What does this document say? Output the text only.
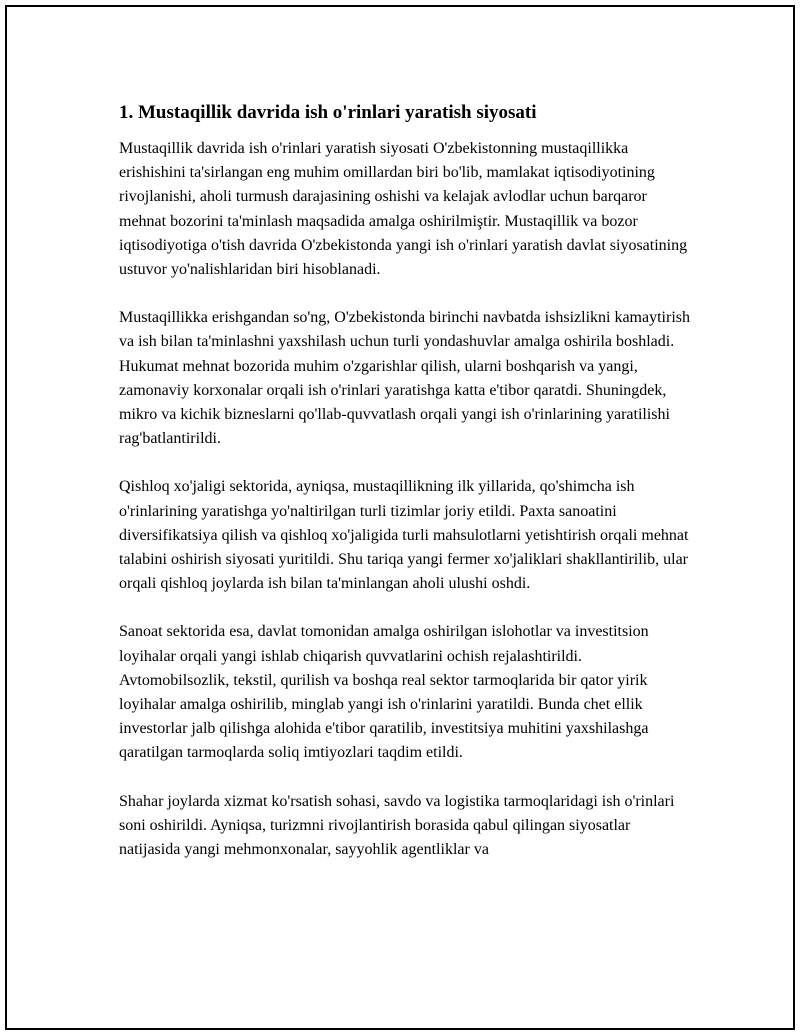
1. Mustaqillik davrida ish o'rinlari yaratish siyosati

Mustaqillik davrida ish o'rinlari yaratish siyosati O'zbekistonning mustaqillikka erishishini ta'sirlangan eng muhim omillardan biri bo'lib, mamlakat iqtisodiyotining rivojlanishi, aholi turmush darajasining oshishi va kelajak avlodlar uchun barqaror mehnat bozorini ta'minlash maqsadida amalga oshirilmiştir. Mustaqillik va bozor iqtisodiyotiga o'tish davrida O'zbekistonda yangi ish o'rinlari yaratish davlat siyosatining ustuvor yo'nalishlaridan biri hisoblanadi.

Mustaqillikka erishgandan so'ng, O'zbekistonda birinchi navbatda ishsizlikni kamaytirish va ish bilan ta'minlashni yaxshilash uchun turli yondashuvlar amalga oshirila boshladi. Hukumat mehnat bozorida muhim o'zgarishlar qilish, ularni boshqarish va yangi, zamonaviy korxonalar orqali ish o'rinlari yaratishga katta e'tibor qaratdi. Shuningdek, mikro va kichik bizneslarni qo'llab-quvvatlash orqali yangi ish o'rinlarining yaratilishi rag'batlantirildi.

Qishloq xo'jaligi sektorida, ayniqsa, mustaqillikning ilk yillarida, qo'shimcha ish o'rinlarining yaratishga yo'naltirilgan turli tizimlar joriy etildi. Paxta sanoatini diversifikatsiya qilish va qishloq xo'jaligida turli mahsulotlarni yetishtirish orqali mehnat talabini oshirish siyosati yuritildi. Shu tariqa yangi fermer xo'jaliklari shakllantirilib, ular orqali qishloq joylarda ish bilan ta'minlangan aholi ulushi oshdi.

Sanoat sektorida esa, davlat tomonidan amalga oshirilgan islohotlar va investitsion loyihalar orqali yangi ishlab chiqarish quvvatlarini ochish rejalashtirildi. Avtomobilsozlik, tekstil, qurilish va boshqa real sektor tarmoqlarida bir qator yirik loyihalar amalga oshirilib, minglab yangi ish o'rinlarini yaratildi. Bunda chet ellik investorlar jalb qilishga alohida e'tibor qaratilib, investitsiya muhitini yaxshilashga qaratilgan tarmoqlarda soliq imtiyozlari taqdim etildi.

Shahar joylarda xizmat ko'rsatish sohasi, savdo va logistika tarmoqlaridagi ish o'rinlari soni oshirildi. Ayniqsa, turizmni rivojlantirish borasida qabul qilingan siyosatlar natijasida yangi mehmonxonalar, sayyohlik agentliklar va
